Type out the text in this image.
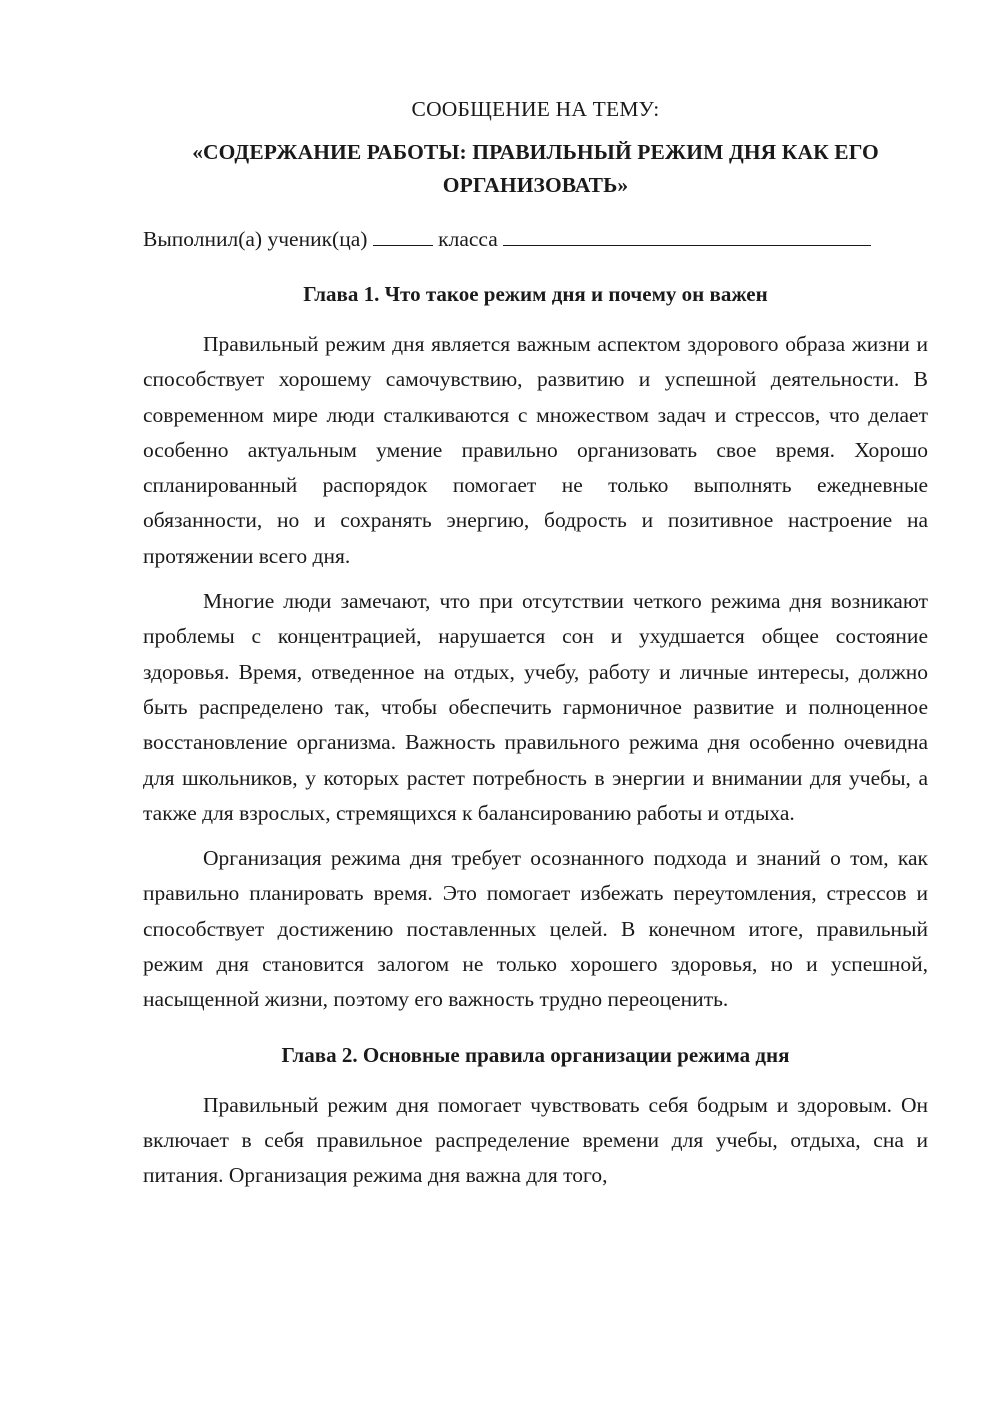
СООБЩЕНИЕ НА ТЕМУ:

«СОДЕРЖАНИЕ РАБОТЫ: ПРАВИЛЬНЫЙ РЕЖИМ ДНЯ КАК ЕГО ОРГАНИЗОВАТЬ»

Выполнил(а) ученик(ца)	класса

Глава 1. Что такое режим дня и почему он важен

Правильный режим дня является важным аспектом здорового образа жизни и способствует хорошему самочувствию, развитию и успешной деятельности. В современном мире люди сталкиваются с множеством задач и стрессов, что делает особенно актуальным умение правильно организовать свое время. Хорошо спланированный распорядок помогает не только выполнять ежедневные обязанности, но и сохранять энергию, бодрость и позитивное настроение на протяжении всего дня.

Многие люди замечают, что при отсутствии четкого режима дня возникают проблемы с концентрацией, нарушается сон и ухудшается общее состояние здоровья. Время, отведенное на отдых, учебу, работу и личные интересы, должно быть распределено так, чтобы обеспечить гармоничное развитие и полноценное восстановление организма. Важность правильного режима дня особенно очевидна для школьников, у которых растет потребность в энергии и внимании для учебы, а также для взрослых, стремящихся к балансированию работы и отдыха.

Организация режима дня требует осознанного подхода и знаний о том, как правильно планировать время. Это помогает избежать переутомления, стрессов и способствует достижению поставленных целей. В конечном итоге, правильный режим дня становится залогом не только хорошего здоровья, но и успешной, насыщенной жизни, поэтому его важность трудно переоценить.

Глава 2. Основные правила организации режима дня

Правильный режим дня помогает чувствовать себя бодрым и здоровым. Он включает в себя правильное распределение времени для учебы, отдыха, сна и питания. Организация режима дня важна для того,
